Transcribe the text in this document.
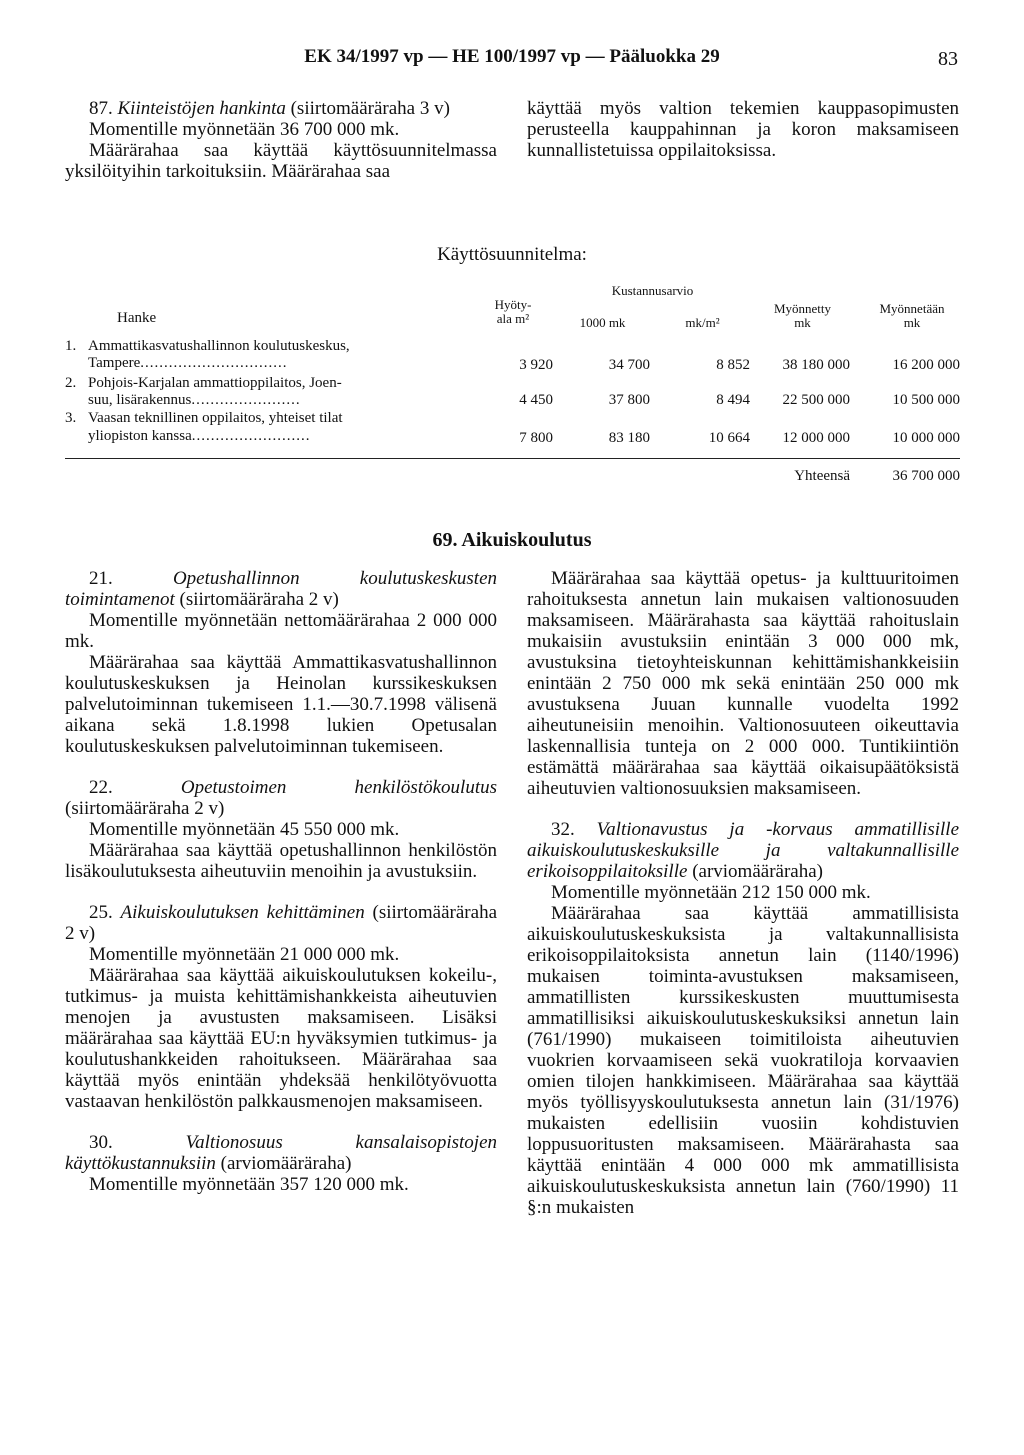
EK 34/1997 vp — HE 100/1997 vp — Pääluokka 29	83

87. Kiinteistöjen hankinta (siirtomääräraha 3 v)

Momentille myönnetään 36 700 000 mk.

Määrärahaa saa käyttää käyttösuunnitelmassa yksilöityihin tarkoituksiin. Määrärahaa saa

käyttää myös valtion tekemien kauppasopimusten perusteella kauppahinnan ja koron maksamiseen kunnallistetuissa oppilaitoksissa.

Käyttösuunnitelma:
Hanke
Hyöty-
ala m²
Kustannusarvio
1000 mk	mk/m²
Myönnetty
mk
Myönnetään
mk
1. Ammattikasvatushallinnon koulutuskeskus,
Tampere...............................	3 920	34 700	8 852	38 180 000	16 200 000
2. Pohjois-Karjalan ammattioppilaitos, Joen-
suu, lisärakennus.......................	4 450	37 800	8 494	22 500 000	10 500 000
3. Vaasan teknillinen oppilaitos, yhteiset tilat
yliopiston kanssa.........................	7 800	83 180	10 664	12 000 000	10 000 000
Yhteensä	36 700 000
69. Aikuiskoulutus

21.	Opetushallinnon koulutuskeskusten toimintamenot (siirtomääräraha 2 v)

Momentille myönnetään nettomäärärahaa 2 000 000 mk.

Määrärahaa saa käyttää Ammattikasvatushallinnon koulutuskeskuksen ja Heinolan kurssikeskuksen palvelutoiminnan tukemiseen 1.1.—30.7.1998 välisenä aikana sekä 1.8.1998 lukien Opetusalan koulutuskeskuksen palvelutoiminnan tukemiseen.

22.	Opetustoimen henkilöstökoulutus (siirtomääräraha 2 v)

Momentille myönnetään 45 550 000 mk.

Määrärahaa saa käyttää opetushallinnon henkilöstön lisäkoulutuksesta aiheutuviin menoihin ja avustuksiin.

25. Aikuiskoulutuksen kehittäminen (siirtomääräraha 2 v)

Momentille myönnetään 21 000 000 mk.

Määrärahaa saa käyttää aikuiskoulutuksen kokeilu-, tutkimus- ja muista kehittämishankkeista aiheutuvien menojen ja avustusten maksamiseen. Lisäksi määrärahaa saa käyttää EU:n hyväksymien tutkimus- ja koulutushankkeiden rahoitukseen. Määrärahaa saa käyttää myös enintään yhdeksää henkilötyövuotta vastaavan henkilöstön palkkausmenojen maksamiseen.

30.	Valtionosuus kansalaisopistojen käyttökustannuksiin (arviomääräraha)

Momentille myönnetään 357 120 000 mk.

Määrärahaa saa käyttää opetus- ja kulttuuritoimen rahoituksesta annetun lain mukaisen valtionosuuden maksamiseen. Määrärahasta saa käyttää rahoituslain mukaisiin avustuksiin enintään 3 000 000 mk, avustuksina tietoyhteiskunnan kehittämishankkeisiin enintään 2 750 000 mk sekä enintään 250 000 mk avustuksena Juuan kunnalle vuodelta 1992 aiheutuneisiin menoihin. Valtionosuuteen oikeuttavia laskennallisia tunteja on 2 000 000. Tuntikiintiön estämättä määrärahaa saa käyttää oikaisupäätöksistä aiheutuvien valtionosuuksien maksamiseen.

32. Valtionavustus ja -korvaus ammatillisille aikuiskoulutuskeskuksille ja valtakunnallisille erikoisoppilaitoksille (arviomääräraha)

Momentille myönnetään 212 150 000 mk.

Määrärahaa saa käyttää ammatillisista aikuiskoulutuskeskuksista ja valtakunnallisista erikoisoppilaitoksista annetun lain (1140/1996) mukaisen toiminta-avustuksen maksamiseen, ammatillisten kurssikeskusten muuttumisesta ammatillisiksi aikuiskoulutuskeskuksiksi annetun lain (761/1990) mukaiseen toimitiloista aiheutuvien vuokrien korvaamiseen sekä vuokratiloja korvaavien omien tilojen hankkimiseen. Määrärahaa saa käyttää myös työllisyyskoulutuksesta annetun lain (31/1976) mukaisten edellisiin vuosiin kohdistuvien loppusuoritusten maksamiseen. Määrärahasta saa käyttää enintään 4 000 000 mk ammatillisista aikuiskoulutuskeskuksista annetun lain (760/1990) 11 §:n mukaisten
